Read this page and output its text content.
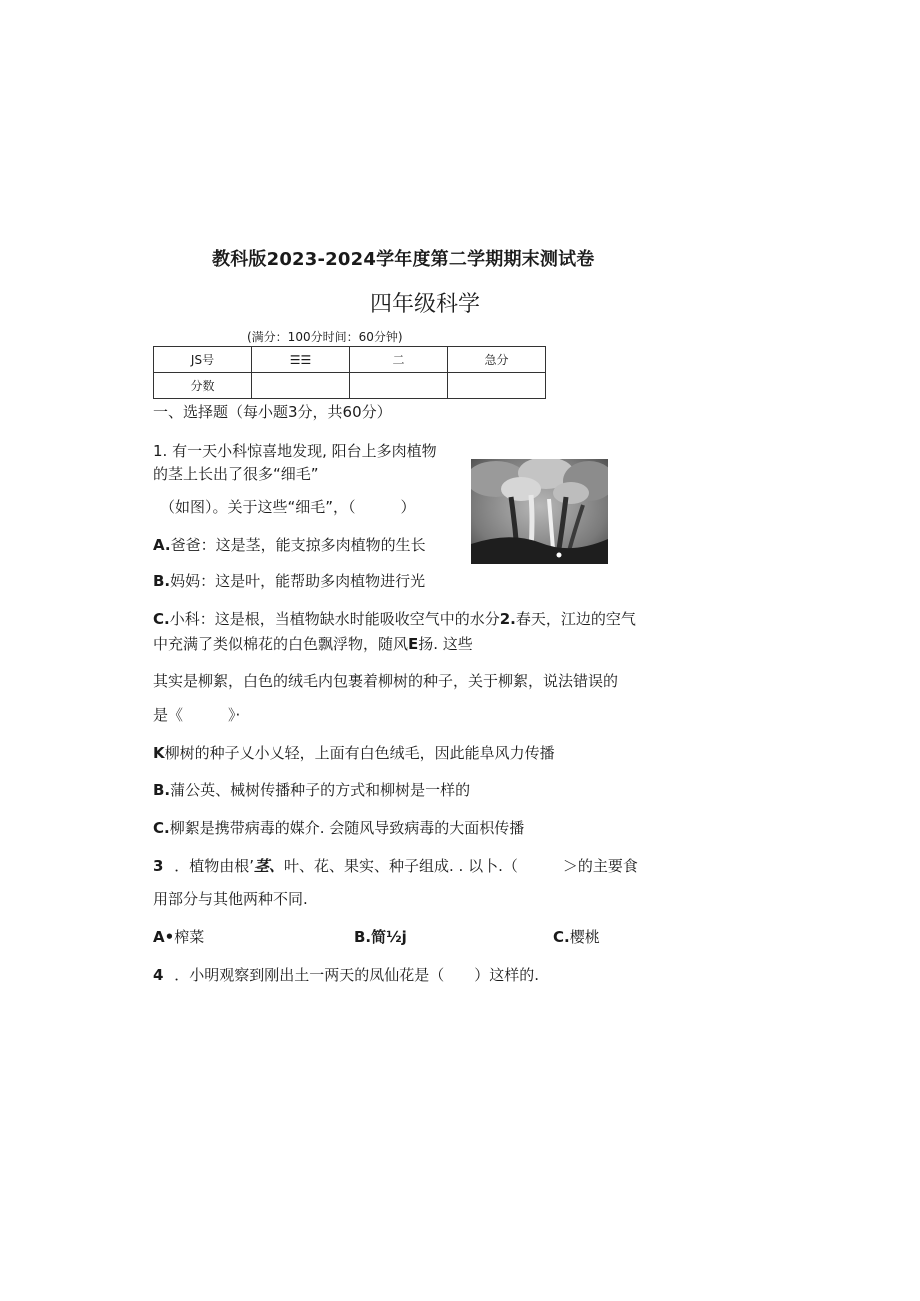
教科版2023-2024学年度第二学期期末测试卷
四年级科学
(满分：100分时间：60分钟)
JS号	☰☰	二	急分
分数			
一、选择题（每小题3分，共60分）
1. 有一天小科惊喜地发现, 阳台上多肉植物
的茎上长出了很多“细毛”
（如图）。关于这些“细毛”，（　　　）
A.爸爸：这是茎，能支掠多肉植物的生长
B.妈妈：这是叶，能帮助多肉植物进行光
C.小科：这是根，当植物缺水时能吸收空气中的水分2.春天，江边的空气
中充满了类似棉花的白色飘浮物，随风E扬. 这些
其实是柳絮，白色的绒毛内包裹着柳树的种子，关于柳絮，说法错误的
是《　　　》·
K柳树的种子乂小乂轻，上面有白色绒毛，因此能阜风力传播
B.蒲公英、械树传播种子的方式和柳树是一样的
C.柳絮是携带病毒的媒介. 会随风导致病毒的大面枳传播
3 ．植物由根’茎、叶、花、果实、种子组成. . 以卜.（　　　＞的主要食
用部分与其他两种不同.
A•榨菜	B.简½j	C.樱桃
4 ．小明观察到刚出土一两天的凤仙花是（　　）这样的.
